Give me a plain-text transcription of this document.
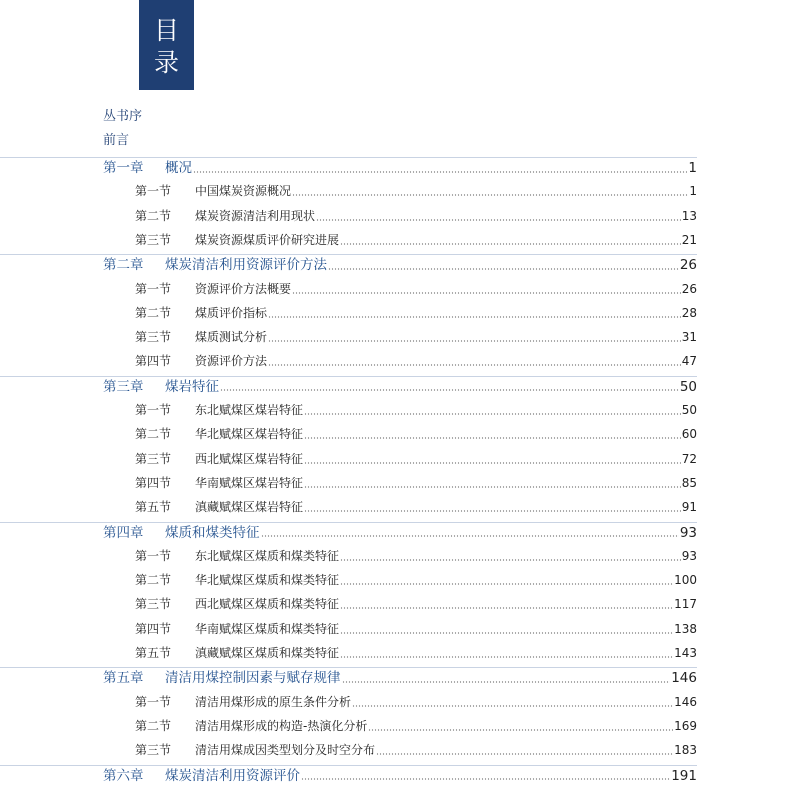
目
录
丛书序
前言
第一章	概况	1
第一节	中国煤炭资源概况	1
第二节	煤炭资源清洁利用现状	13
第三节	煤炭资源煤质评价研究进展	21
第二章	煤炭清洁利用资源评价方法	26
第一节	资源评价方法概要	26
第二节	煤质评价指标	28
第三节	煤质测试分析	31
第四节	资源评价方法	47
第三章	煤岩特征	50
第一节	东北赋煤区煤岩特征	50
第二节	华北赋煤区煤岩特征	60
第三节	西北赋煤区煤岩特征	72
第四节	华南赋煤区煤岩特征	85
第五节	滇藏赋煤区煤岩特征	91
第四章	煤质和煤类特征	93
第一节	东北赋煤区煤质和煤类特征	93
第二节	华北赋煤区煤质和煤类特征	100
第三节	西北赋煤区煤质和煤类特征	117
第四节	华南赋煤区煤质和煤类特征	138
第五节	滇藏赋煤区煤质和煤类特征	143
第五章	清洁用煤控制因素与赋存规律	146
第一节	清洁用煤形成的原生条件分析	146
第二节	清洁用煤形成的构造-热演化分析	169
第三节	清洁用煤成因类型划分及时空分布	183
第六章	煤炭清洁利用资源评价	191
